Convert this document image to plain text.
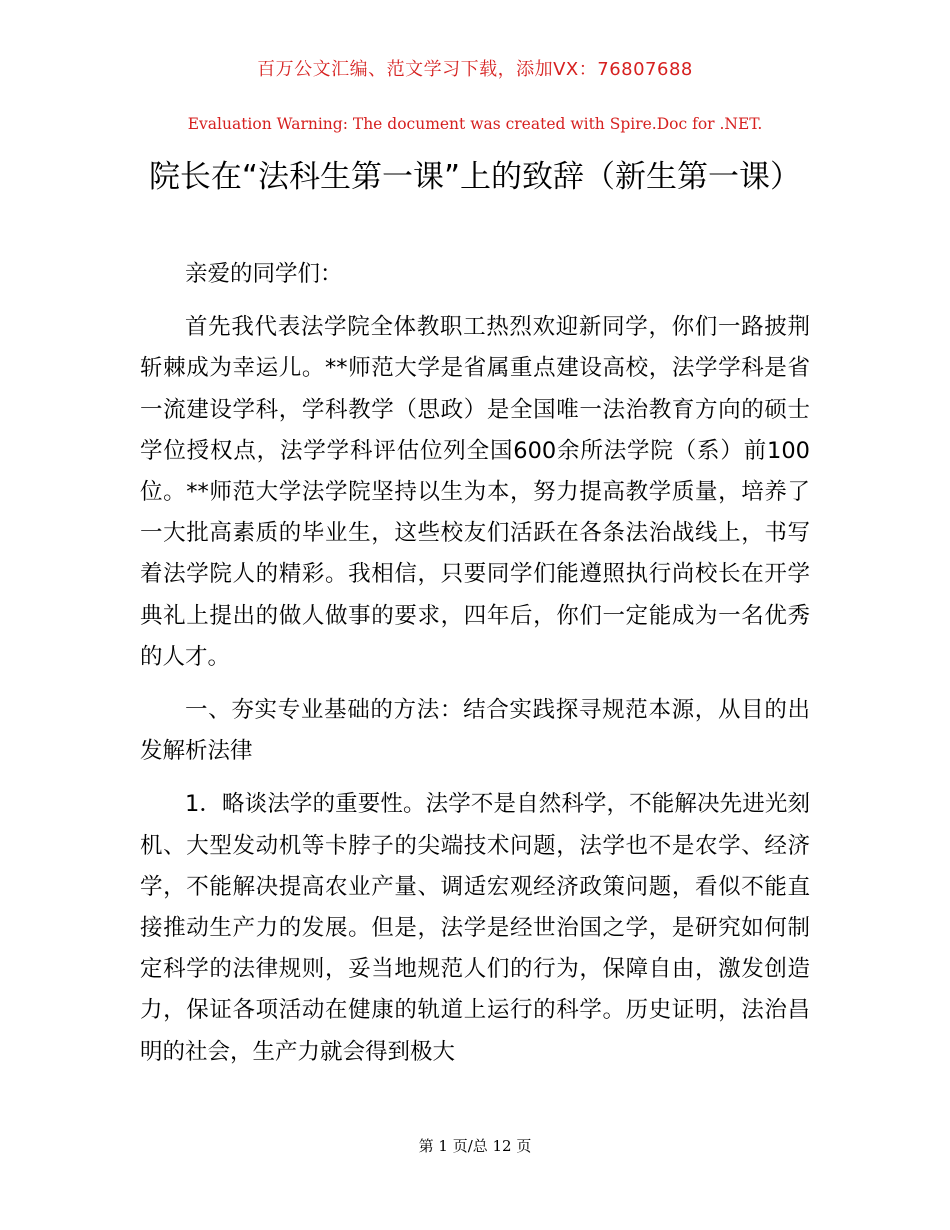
百万公文汇编、范文学习下载，添加VX：76807688
Evaluation Warning: The document was created with Spire.Doc for .NET.
院长在“法科生第一课”上的致辞（新生第一课）

亲爱的同学们：

首先我代表法学院全体教职工热烈欢迎新同学，你们一路披荆斩棘成为幸运儿。**师范大学是省属重点建设高校，法学学科是省一流建设学科，学科教学（思政）是全国唯一法治教育方向的硕士学位授权点，法学学科评估位列全国600余所法学院（系）前100位。**师范大学法学院坚持以生为本，努力提高教学质量，培养了一大批高素质的毕业生，这些校友们活跃在各条法治战线上，书写着法学院人的精彩。我相信，只要同学们能遵照执行尚校长在开学典礼上提出的做人做事的要求，四年后，你们一定能成为一名优秀的人才。

一、夯实专业基础的方法：结合实践探寻规范本源，从目的出发解析法律

1．略谈法学的重要性。法学不是自然科学，不能解决先进光刻机、大型发动机等卡脖子的尖端技术问题，法学也不是农学、经济学，不能解决提高农业产量、调适宏观经济政策问题，看似不能直接推动生产力的发展。但是，法学是经世治国之学，是研究如何制定科学的法律规则，妥当地规范人们的行为，保障自由，激发创造力，保证各项活动在健康的轨道上运行的科学。历史证明，法治昌明的社会，生产力就会得到极大

第 1 页/总 12 页
